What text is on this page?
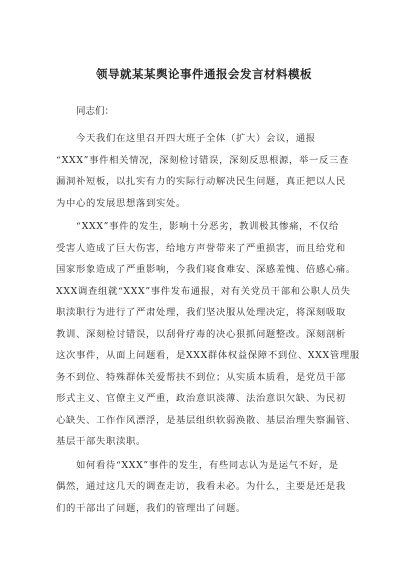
领导就某某舆论事件通报会发言材料模板
同志们：
今天我们在这里召开四大班子全体（扩大）会议，通报
“XXX”事件相关情况，深刻检讨错误，深刻反思根源，举一反三查
漏洞补短板，以扎实有力的实际行动解决民生问题，真正把以人民
为中心的发展思想落到实处。
“XXX”事件的发生，影响十分恶劣，教训极其惨痛，不仅给
受害人造成了巨大伤害，给地方声誉带来了严重损害，而且给党和
国家形象造成了严重影响，今我们寝食难安、深感羞愧、倍感心痛。
XXX调查组就“XXX”事件发布通报，对有关党员干部和公职人员失
职渎职行为进行了严肃处理，我们坚决服从处理决定，将深刻吸取
教训、深刻检讨错误，以刮骨疗毒的决心狠抓问题整改。深刻剖析
这次事件，从面上问题看，是XXX群体权益保障不到位、XXX管理服
务不到位、特殊群体关爱帮扶不到位；从实质本质看，是党员干部
形式主义、官僚主义严重，政治意识淡薄、法治意识欠缺、为民初
心缺失、工作作风漂浮，是基层组织软弱涣散、基层治理失察漏管、
基层干部失职渎职。
如何看待“XXX”事件的发生，有些同志认为是运气不好，是
偶然，通过这几天的调查走访，我看未必。为什么，主要是还是我
们的干部出了问题，我们的管理出了问题。
